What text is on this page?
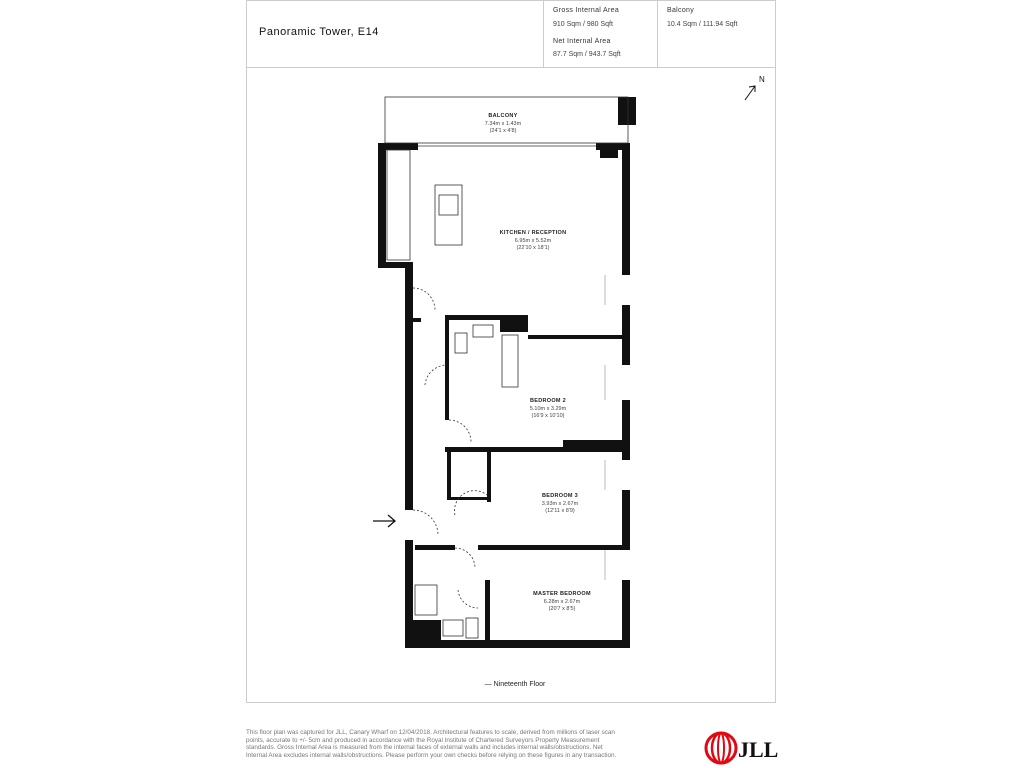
Panoramic Tower, E14
Gross Internal Area
910 Sqm / 980 Sqft
Net Internal Area
87.7 Sqm / 943.7 Sqft
Balcony
10.4 Sqm / 111.94 Sqft
N
BALCONY
7.34m x 1.43m
(24'1 x 4'8)
KITCHEN / RECEPTION
6.95m x 5.52m
(22'10 x 18'1)
BEDROOM 2
5.10m x 3.29m
(16'9 x 10'10)
BEDROOM 3
3.93m x 2.67m
(12'11 x 8'9)
MASTER BEDROOM
6.28m x 2.67m
(20'7 x 8'5)
— Nineteenth Floor
JLL
This floor plan was captured for JLL, Canary Wharf on 12/04/2018. Architectural features to scale, derived from millions of laser scan points, accurate to +/- 5cm and produced in accordance with the Royal Institute of Chartered Surveyors Property Measurement standards. Gross Internal Area is measured from the internal faces of external walls and includes internal walls/obstructions. Net Internal Area excludes internal walls/obstructions. Please perform your own checks before relying on these figures in any transaction.
